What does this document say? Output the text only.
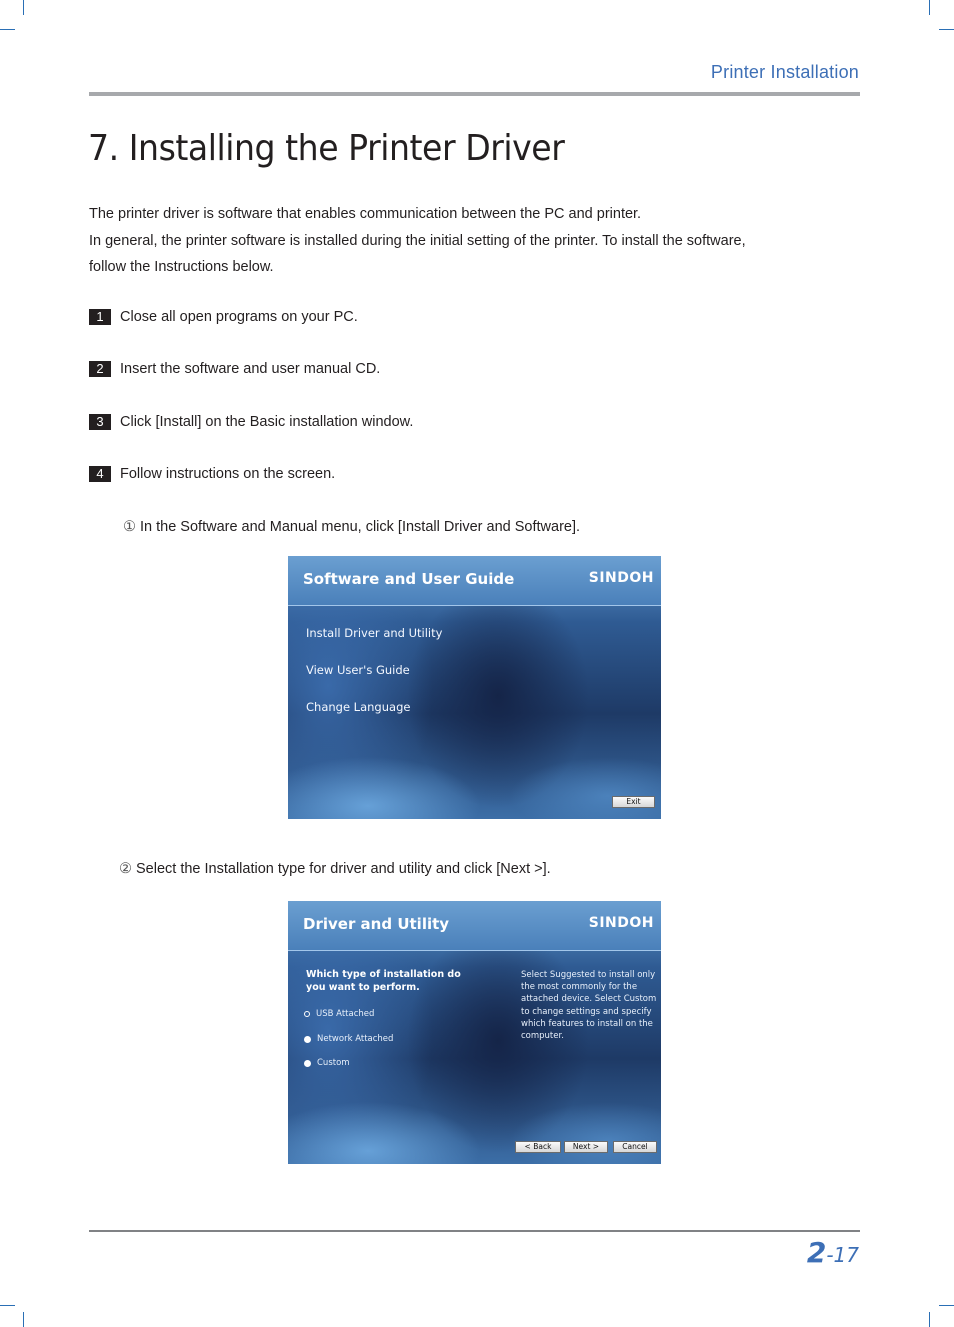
Printer Installation
7. Installing the Printer Driver

The printer driver is software that enables communication between the PC and printer.

In general, the printer software is installed during the initial setting of the printer. To install the software,

follow the Instructions below.

1	Close all open programs on your PC.
2	Insert the software and user manual CD.
3	Click [Install] on the Basic installation window.
4	Follow instructions on the screen.
① In the Software and Manual menu, click [Install Driver and Software].
Software and User Guide	SINDOH
Install Driver and Utility
View User's Guide
Change Language
Exit
② Select the Installation type for driver and utility and click [Next >].
Driver and Utility	SINDOH
Which type of installation do you want to perform.
USB Attached
Network Attached
Custom
Select Suggested to install only the most commonly for the attached device. Select Custom to change settings and specify which features to install on the computer.
< Back	Next >	Cancel
2-17
